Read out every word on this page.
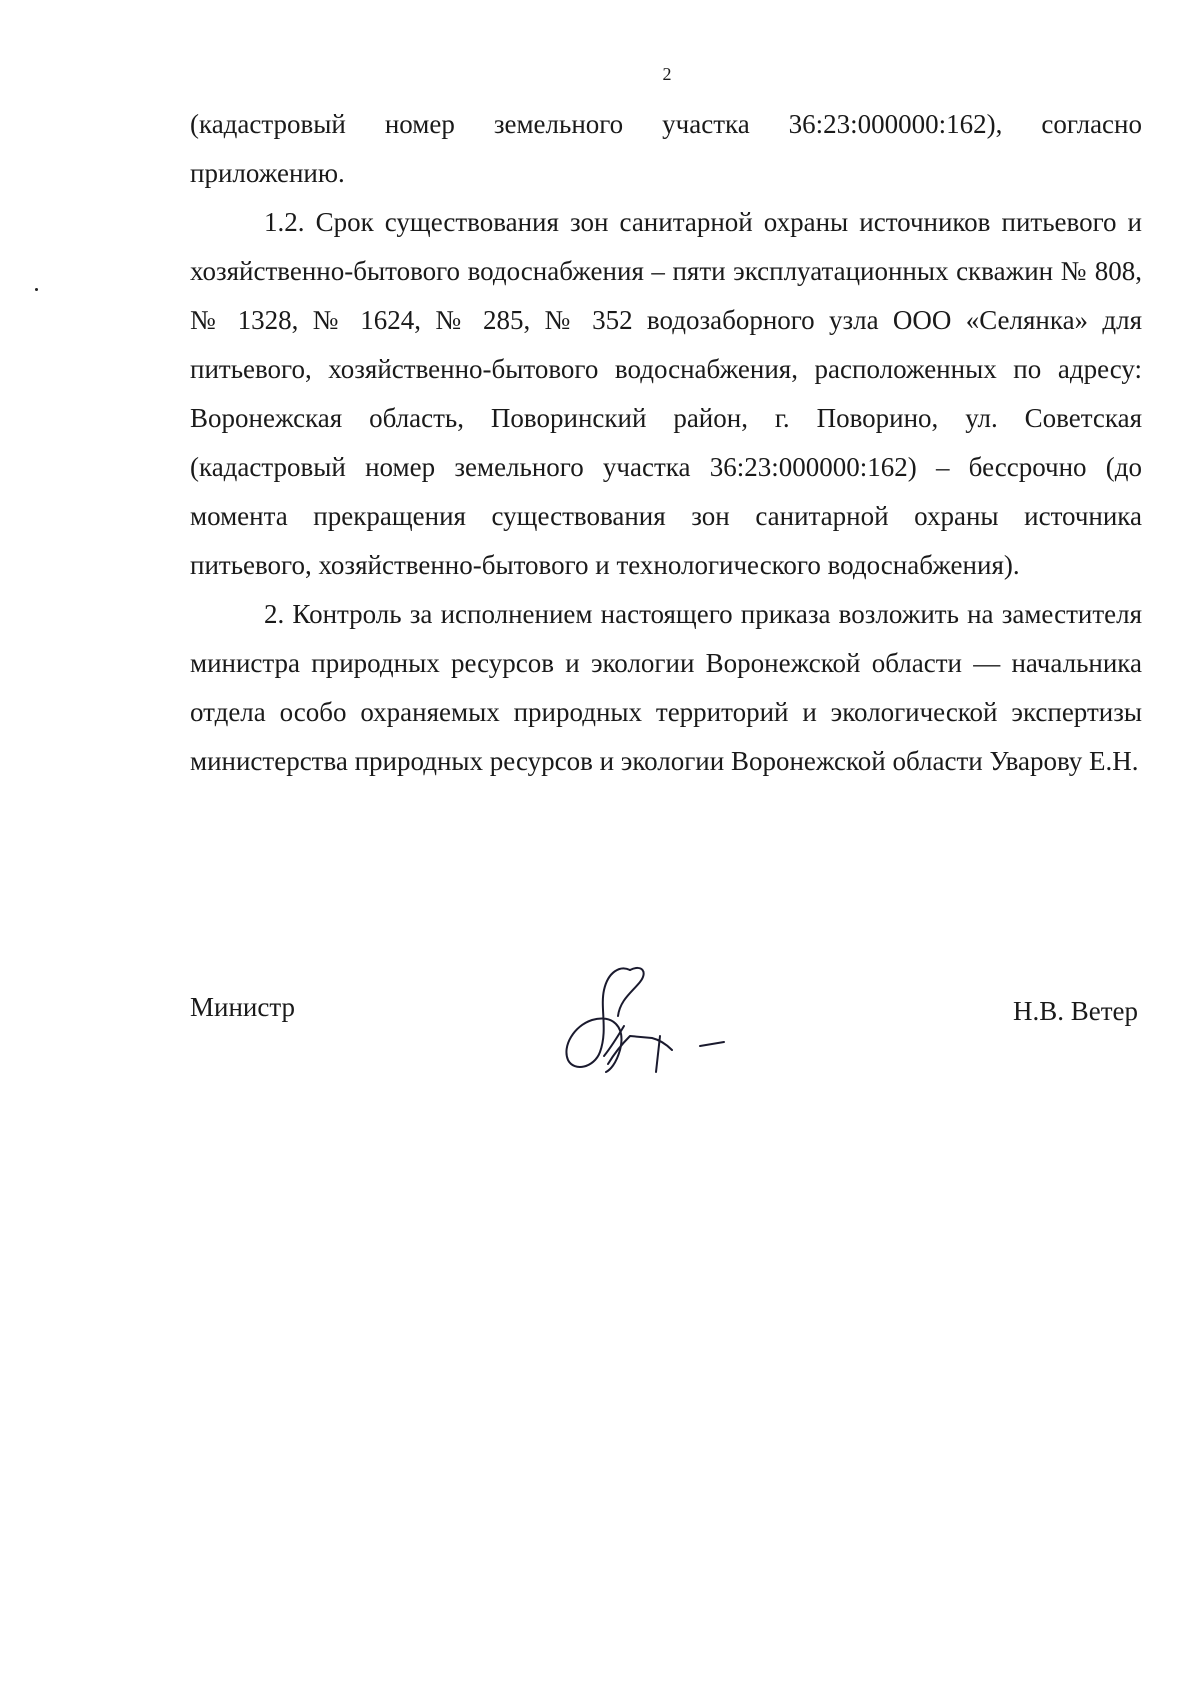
2

(кадастровый номер земельного участка 36:23:000000:162), согласно приложению.

1.2. Срок существования зон санитарной охраны источников питьевого и хозяйственно-бытового водоснабжения – пяти эксплуатационных скважин № 808, № 1328, № 1624, № 285, № 352 водозаборного узла ООО «Селянка» для питьевого, хозяйственно-бытового водоснабжения, расположенных по адресу: Воронежская область, Поворинский район, г. Поворино, ул. Советская (кадастровый номер земельного участка 36:23:000000:162) – бессрочно (до момента прекращения существования зон санитарной охраны источника питьевого, хозяйственно-бытового и технологического водоснабжения).

2. Контроль за исполнением настоящего приказа возложить на заместителя министра природных ресурсов и экологии Воронежской области — начальника отдела особо охраняемых природных территорий и экологической экспертизы министерства природных ресурсов и экологии Воронежской области Уварову Е.Н.

Министр	Н.В. Ветер
